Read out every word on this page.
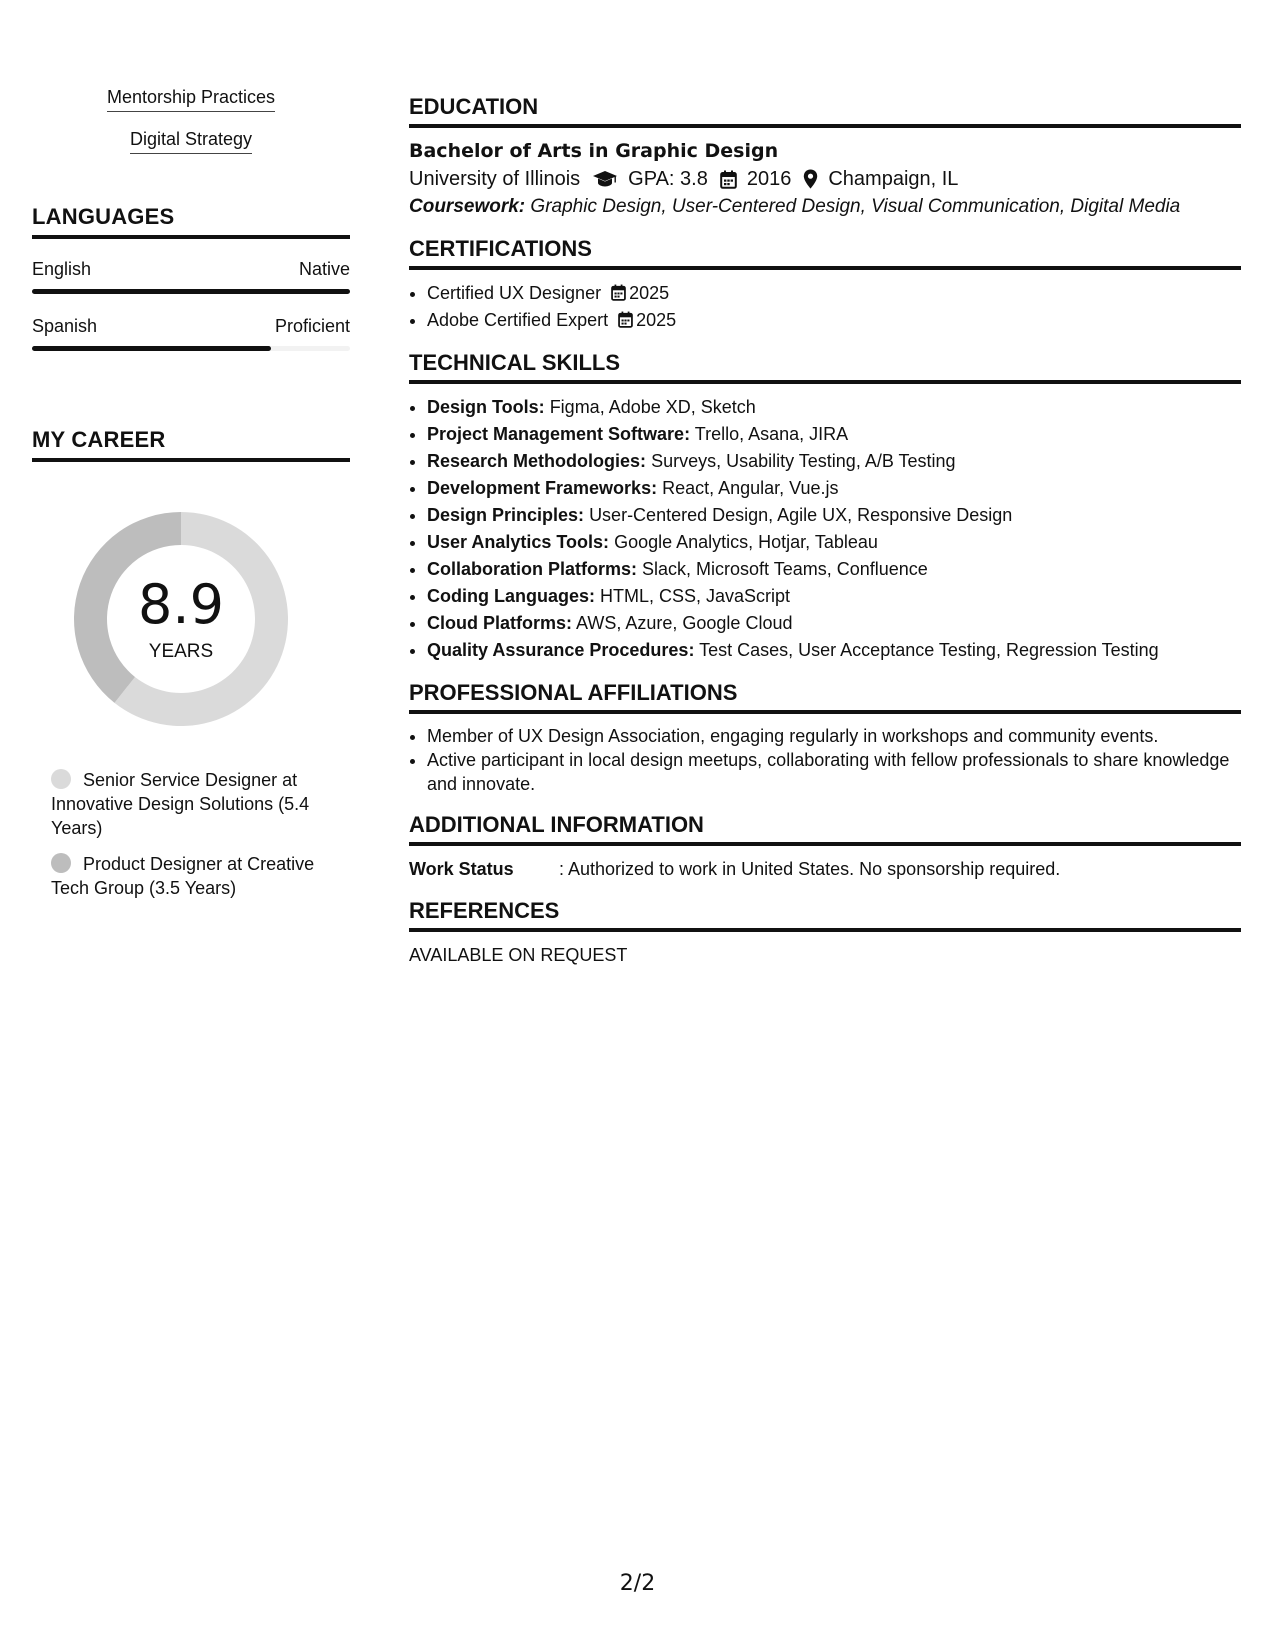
Mentorship Practices
Digital Strategy
LANGUAGES
English	Native
Spanish	Proficient
MY CAREER
8.9
YEARS
Senior Service Designer at Innovative Design Solutions (5.4 Years)
Product Designer at Creative Tech Group (3.5 Years)
EDUCATION
Bachelor of Arts in Graphic Design
University of Illinois GPA: 3.8 2016 Champaign, IL
Coursework: Graphic Design, User-Centered Design, Visual Communication, Digital Media
CERTIFICATIONS
• Certified UX Designer 2025
• Adobe Certified Expert 2025
TECHNICAL SKILLS
• Design Tools: Figma, Adobe XD, Sketch
• Project Management Software: Trello, Asana, JIRA
• Research Methodologies: Surveys, Usability Testing, A/B Testing
• Development Frameworks: React, Angular, Vue.js
• Design Principles: User-Centered Design, Agile UX, Responsive Design
• User Analytics Tools: Google Analytics, Hotjar, Tableau
• Collaboration Platforms: Slack, Microsoft Teams, Confluence
• Coding Languages: HTML, CSS, JavaScript
• Cloud Platforms: AWS, Azure, Google Cloud
• Quality Assurance Procedures: Test Cases, User Acceptance Testing, Regression Testing
PROFESSIONAL AFFILIATIONS
• Member of UX Design Association, engaging regularly in workshops and community events.
• Active participant in local design meetups, collaborating with fellow professionals to share knowledge and innovate.
ADDITIONAL INFORMATION
Work Status	: Authorized to work in United States. No sponsorship required.
REFERENCES
AVAILABLE ON REQUEST
2/2
